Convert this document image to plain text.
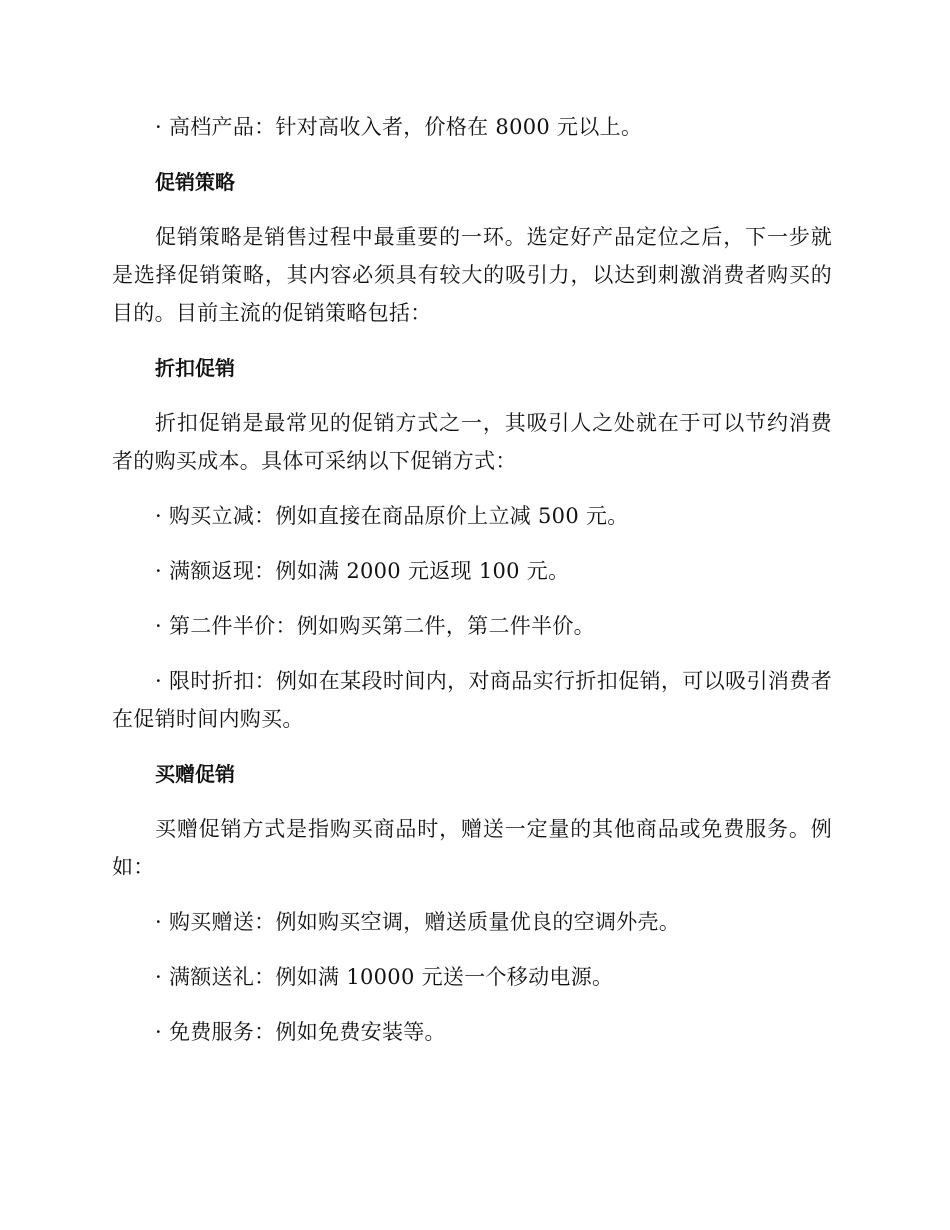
· 高档产品：针对高收入者，价格在 8000 元以上。

促销策略

促销策略是销售过程中最重要的一环。选定好产品定位之后，下一步就是选择促销策略，其内容必须具有较大的吸引力，以达到刺激消费者购买的目的。目前主流的促销策略包括：

折扣促销

折扣促销是最常见的促销方式之一，其吸引人之处就在于可以节约消费者的购买成本。具体可采纳以下促销方式：

· 购买立减：例如直接在商品原价上立减 500 元。

· 满额返现：例如满 2000 元返现 100 元。

· 第二件半价：例如购买第二件，第二件半价。

· 限时折扣：例如在某段时间内，对商品实行折扣促销，可以吸引消费者在促销时间内购买。

买赠促销

买赠促销方式是指购买商品时，赠送一定量的其他商品或免费服务。例如：

· 购买赠送：例如购买空调，赠送质量优良的空调外壳。

· 满额送礼：例如满 10000 元送一个移动电源。

· 免费服务：例如免费安装等。
